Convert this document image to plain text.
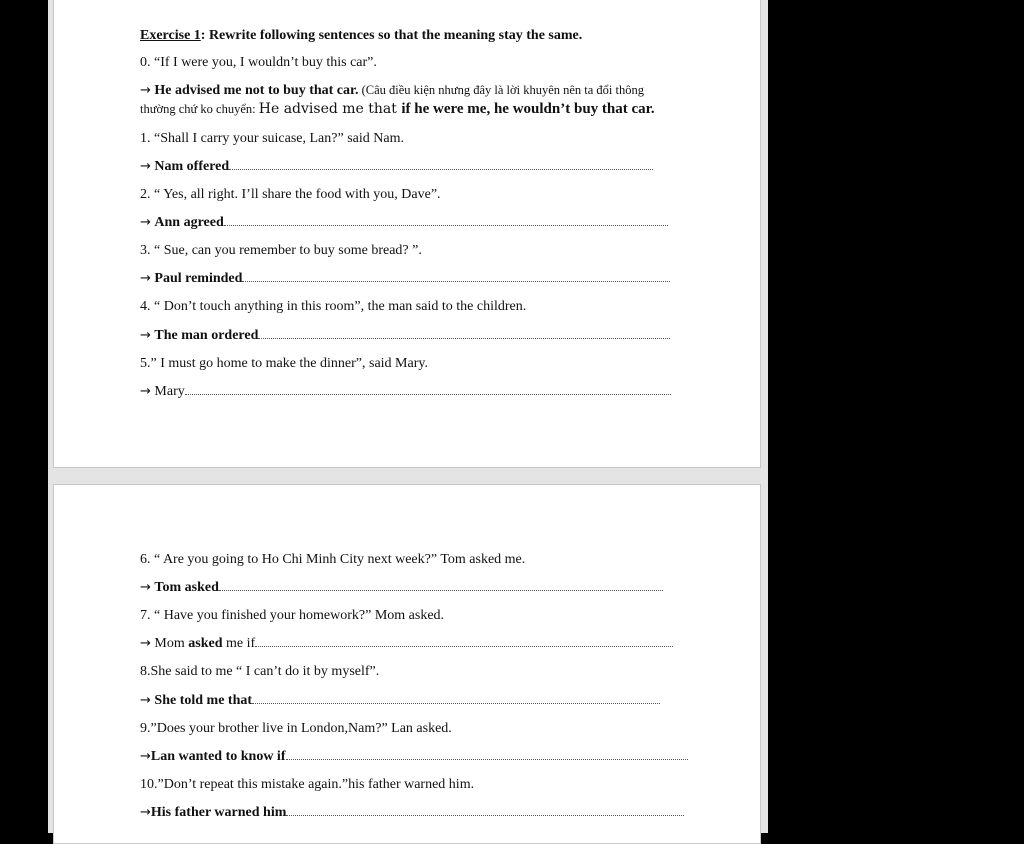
Exercise 1: Rewrite following sentences so that the meaning stay the same.
0. “If I were you, I wouldn’t buy this car”.
→ He advised me not to buy that car. (Câu điều kiện nhưng đây là lời khuyên nên ta đổi thông
thường chứ ko chuyển: He advised me that if he were me, he wouldn’t buy that car.
1. “Shall I carry your suicase, Lan?” said Nam.
→ Nam offered
2. “ Yes, all right. I’ll share the food with you, Dave”.
→ Ann agreed
3. “ Sue, can you remember to buy some bread? ”.
→ Paul reminded
4. “ Don’t touch anything in this room”, the man said to the children.
→ The man ordered
5.” I must go home to make the dinner”, said Mary.
→ Mary
6. “ Are you going to Ho Chi Minh City next week?” Tom asked me.
→ Tom asked
7. “ Have you finished your homework?” Mom asked.
→ Mom asked me if
8.She said to me “ I can’t do it by myself”.
→ She told me that
9.”Does your brother live in London,Nam?” Lan asked.
→Lan wanted to know if
10.”Don’t repeat this mistake again.”his father warned him.
→His father warned him
